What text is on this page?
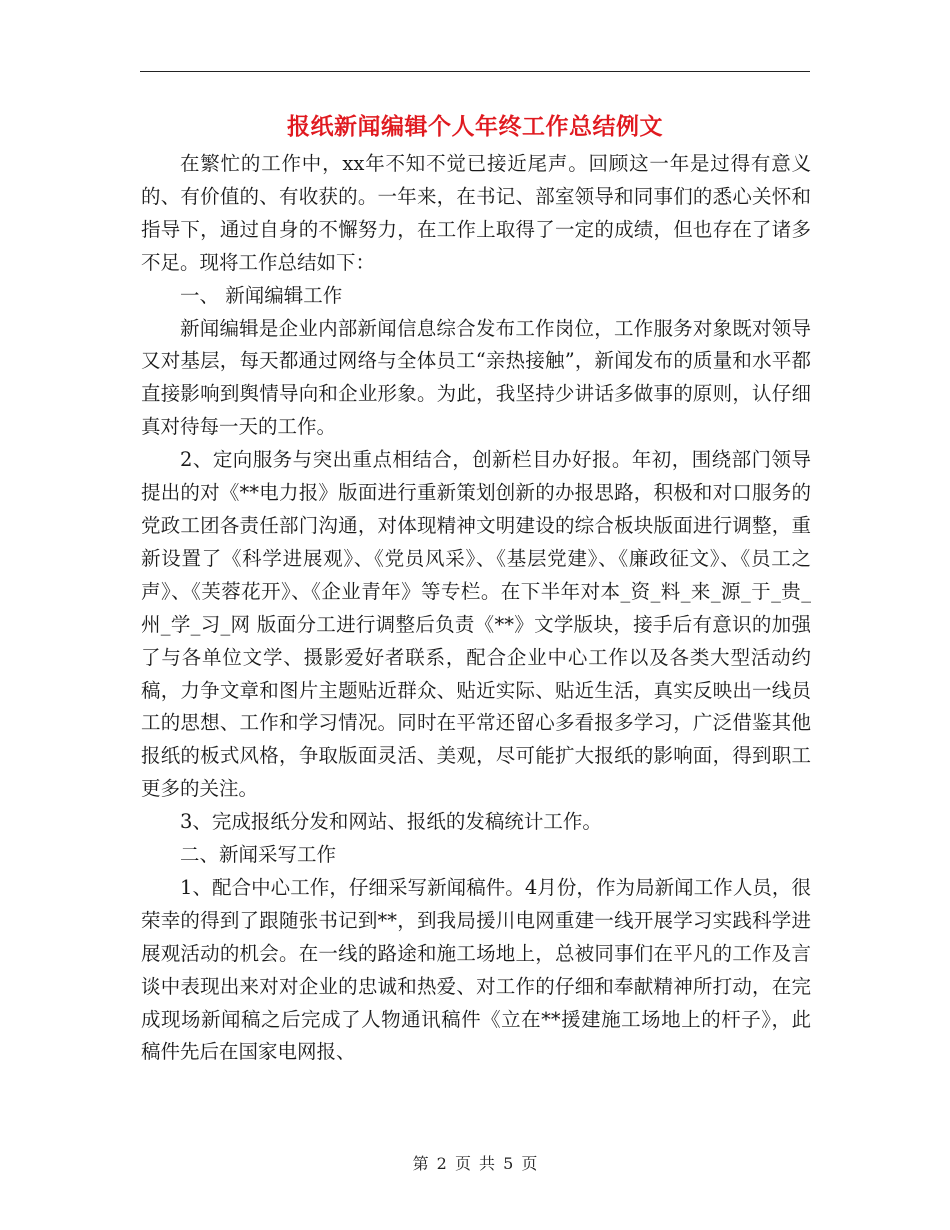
报纸新闻编辑个人年终工作总结例文

在繁忙的工作中，xx年不知不觉已接近尾声。回顾这一年是过得有意义的、有价值的、有收获的。一年来，在书记、部室领导和同事们的悉心关怀和指导下，通过自身的不懈努力，在工作上取得了一定的成绩，但也存在了诸多不足。现将工作总结如下：

一、 新闻编辑工作

新闻编辑是企业内部新闻信息综合发布工作岗位，工作服务对象既对领导又对基层，每天都通过网络与全体员工“亲热接触”，新闻发布的质量和水平都直接影响到舆情导向和企业形象。为此，我坚持少讲话多做事的原则，认仔细真对待每一天的工作。

2、定向服务与突出重点相结合，创新栏目办好报。年初，围绕部门领导提出的对《**电力报》版面进行重新策划创新的办报思路，积极和对口服务的党政工团各责任部门沟通，对体现精神文明建设的综合板块版面进行调整，重新设置了《科学进展观》、《党员风采》、《基层党建》、《廉政征文》、《员工之声》、《芙蓉花开》、《企业青年》等专栏。在下半年对本_资_料_来_源_于_贵_州_学_习_网 版面分工进行调整后负责《**》文学版块，接手后有意识的加强了与各单位文学、摄影爱好者联系，配合企业中心工作以及各类大型活动约稿，力争文章和图片主题贴近群众、贴近实际、贴近生活，真实反映出一线员工的思想、工作和学习情况。同时在平常还留心多看报多学习，广泛借鉴其他报纸的板式风格，争取版面灵活、美观，尽可能扩大报纸的影响面，得到职工更多的关注。

3、完成报纸分发和网站、报纸的发稿统计工作。

二、新闻采写工作

1、配合中心工作，仔细采写新闻稿件。4月份，作为局新闻工作人员，很荣幸的得到了跟随张书记到**，到我局援川电网重建一线开展学习实践科学进展观活动的机会。在一线的路途和施工场地上，总被同事们在平凡的工作及言谈中表现出来对对企业的忠诚和热爱、对工作的仔细和奉献精神所打动，在完成现场新闻稿之后完成了人物通讯稿件《立在**援建施工场地上的杆子》，此稿件先后在国家电网报、

第 2 页 共 5 页
